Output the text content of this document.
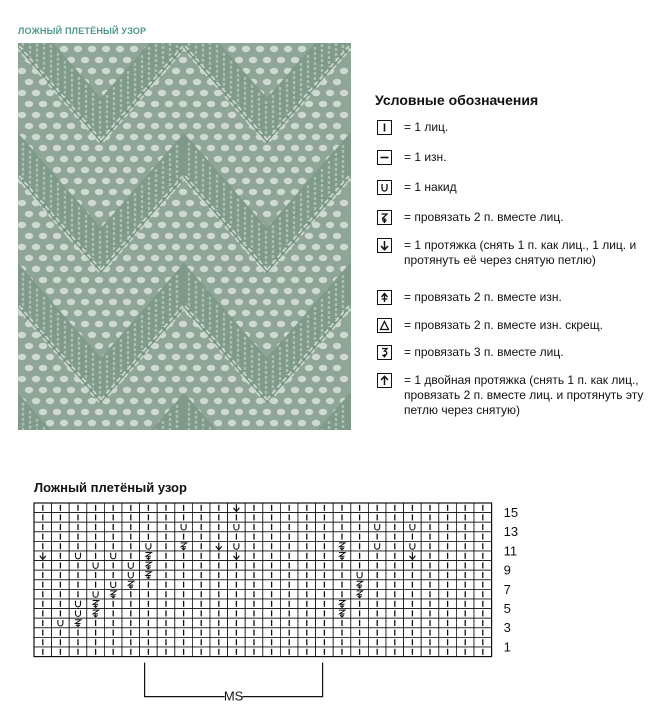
ЛОЖНЫЙ ПЛЕТЁНЫЙ УЗОР
Условные обозначения
= 1 лиц.
= 1 изн.
= 1 накид
= провязать 2 п. вместе лиц.
= 1 протяжка (снять 1 п. как лиц., 1 лиц. и протянуть её через снятую петлю)
= провязать 2 п. вместе изн.
= провязать 2 п. вместе изн. скрещ.
= провязать 3 п. вместе лиц.
= 1 двойная протяжка (снять 1 п. как лиц., провязать 2 п. вместе лиц. и протянуть эту петлю через снятую)
Ложный плетёный узор
15
13
11
9
7
5
3
1
MS
